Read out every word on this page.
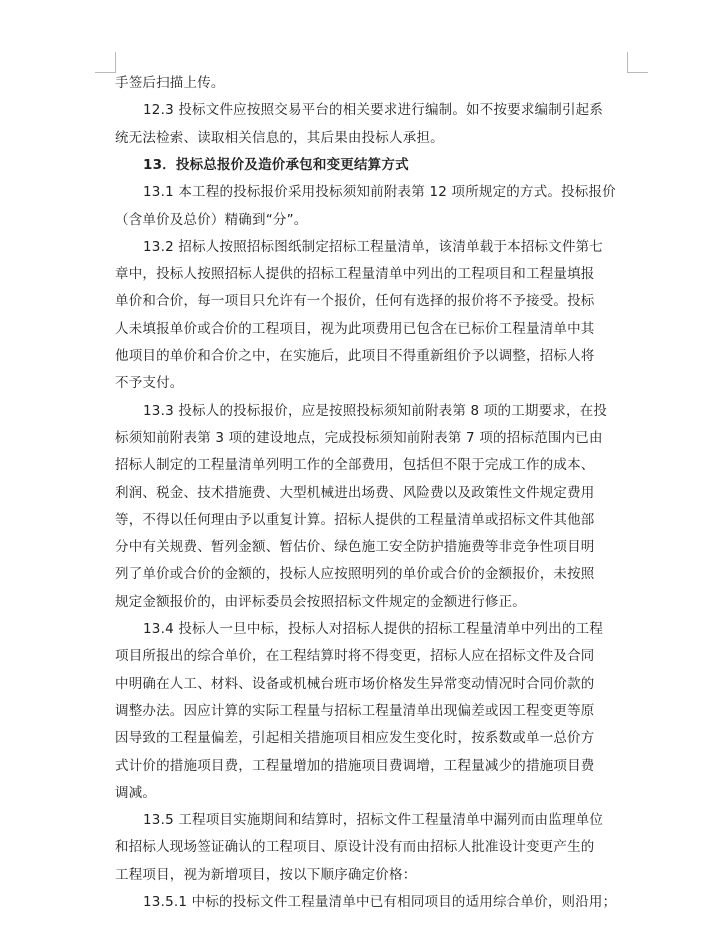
手签后扫描上传。
12.3 投标文件应按照交易平台的相关要求进行编制。如不按要求编制引起系
统无法检索、读取相关信息的，其后果由投标人承担。
13．投标总报价及造价承包和变更结算方式
13.1 本工程的投标报价采用投标须知前附表第 12 项所规定的方式。投标报价
（含单价及总价）精确到“分”。
13.2 招标人按照招标图纸制定招标工程量清单，该清单载于本招标文件第七
章中，投标人按照招标人提供的招标工程量清单中列出的工程项目和工程量填报
单价和合价，每一项目只允许有一个报价，任何有选择的报价将不予接受。投标
人未填报单价或合价的工程项目，视为此项费用已包含在已标价工程量清单中其
他项目的单价和合价之中，在实施后，此项目不得重新组价予以调整，招标人将
不予支付。
13.3 投标人的投标报价，应是按照投标须知前附表第 8 项的工期要求，在投
标须知前附表第 3 项的建设地点，完成投标须知前附表第 7 项的招标范围内已由
招标人制定的工程量清单列明工作的全部费用，包括但不限于完成工作的成本、
利润、税金、技术措施费、大型机械进出场费、风险费以及政策性文件规定费用
等，不得以任何理由予以重复计算。招标人提供的工程量清单或招标文件其他部
分中有关规费、暂列金额、暂估价、绿色施工安全防护措施费等非竞争性项目明
列了单价或合价的金额的，投标人应按照明列的单价或合价的金额报价，未按照
规定金额报价的，由评标委员会按照招标文件规定的金额进行修正。
13.4 投标人一旦中标，投标人对招标人提供的招标工程量清单中列出的工程
项目所报出的综合单价，在工程结算时将不得变更，招标人应在招标文件及合同
中明确在人工、材料、设备或机械台班市场价格发生异常变动情况时合同价款的
调整办法。因应计算的实际工程量与招标工程量清单出现偏差或因工程变更等原
因导致的工程量偏差，引起相关措施项目相应发生变化时，按系数或单一总价方
式计价的措施项目费，工程量增加的措施项目费调增，工程量减少的措施项目费
调减。
13.5 工程项目实施期间和结算时，招标文件工程量清单中漏列而由监理单位
和招标人现场签证确认的工程项目、原设计没有而由招标人批准设计变更产生的
工程项目，视为新增项目，按以下顺序确定价格：
13.5.1 中标的投标文件工程量清单中已有相同项目的适用综合单价，则沿用；
